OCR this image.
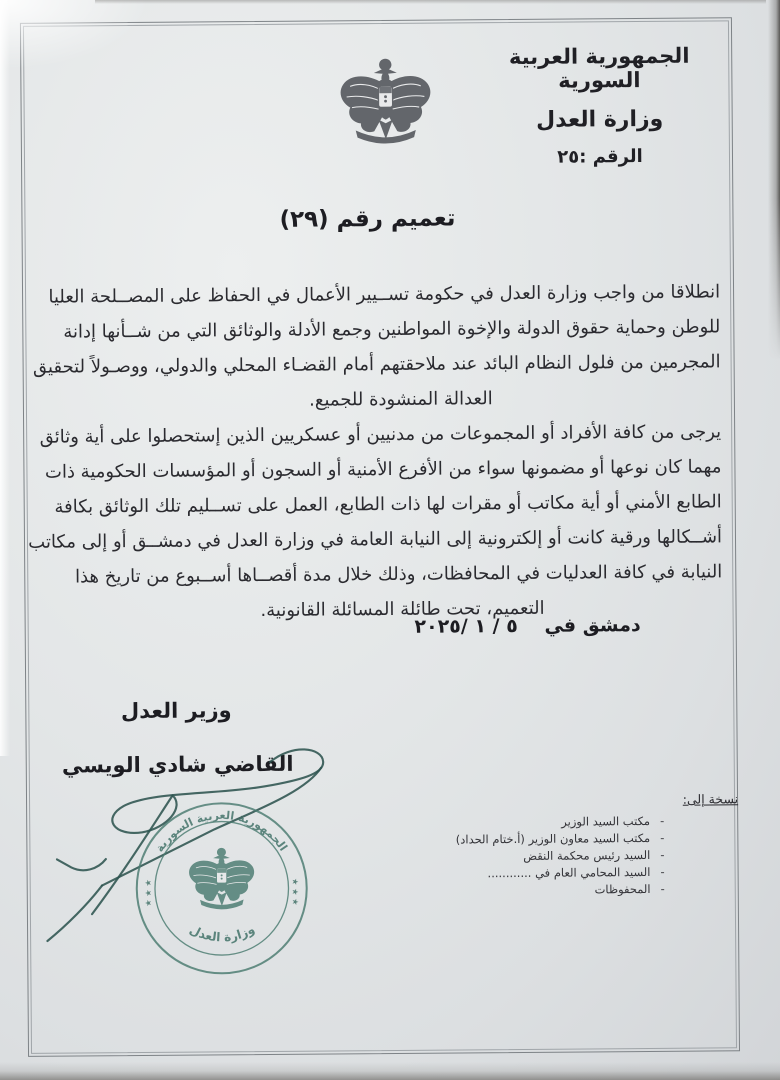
الجمهورية العربية السورية
وزارة العدل
الرقم :٢٥
تعميم رقم (٢٩)
انطلاقا من واجب وزارة العدل في حكومة تســيير الأعمال في الحفاظ على المصــلحة العليا
للوطن وحماية حقوق الدولة والإخوة المواطنين وجمع الأدلة والوثائق التي من شــأنها إدانة
المجرمين من فلول النظام البائد عند ملاحقتهم أمام القضـاء المحلي والدولي، ووصـولاً لتحقيق
العدالة المنشودة للجميع.
يرجى من كافة الأفراد أو المجموعات من مدنيين أو عسكريين الذين إستحصلوا على أية وثائق
مهما كان نوعها أو مضمونها سواء من الأفرع الأمنية أو السجون أو المؤسسات الحكومية ذات
الطابع الأمني أو أية مكاتب أو مقرات لها ذات الطابع، العمل على تســليم تلك الوثائق بكافة
أشــكالها ورقية كانت أو إلكترونية إلى النيابة العامة في وزارة العدل في دمشــق أو إلى مكاتب
النيابة في كافة العدليات في المحافظات، وذلك خلال مدة أقصــاها أســبوع من تاريخ هذا
التعميم، تحت طائلة المسائلة القانونية.
دمشق في ٥ / ١ /٢٠٢٥
وزير العدل
القاضي شادي الويسي
الجمهورية العربية السورية
وزارة العدل
★ ★ ★	★ ★ ★
نسخة إلى:
-
مكتب السيد الوزير
-
مكتب السيد معاون الوزير (أ.ختام الحداد)
-
السيد رئيس محكمة النقض
-
السيد المحامي العام في ............
-
المحفوظات
